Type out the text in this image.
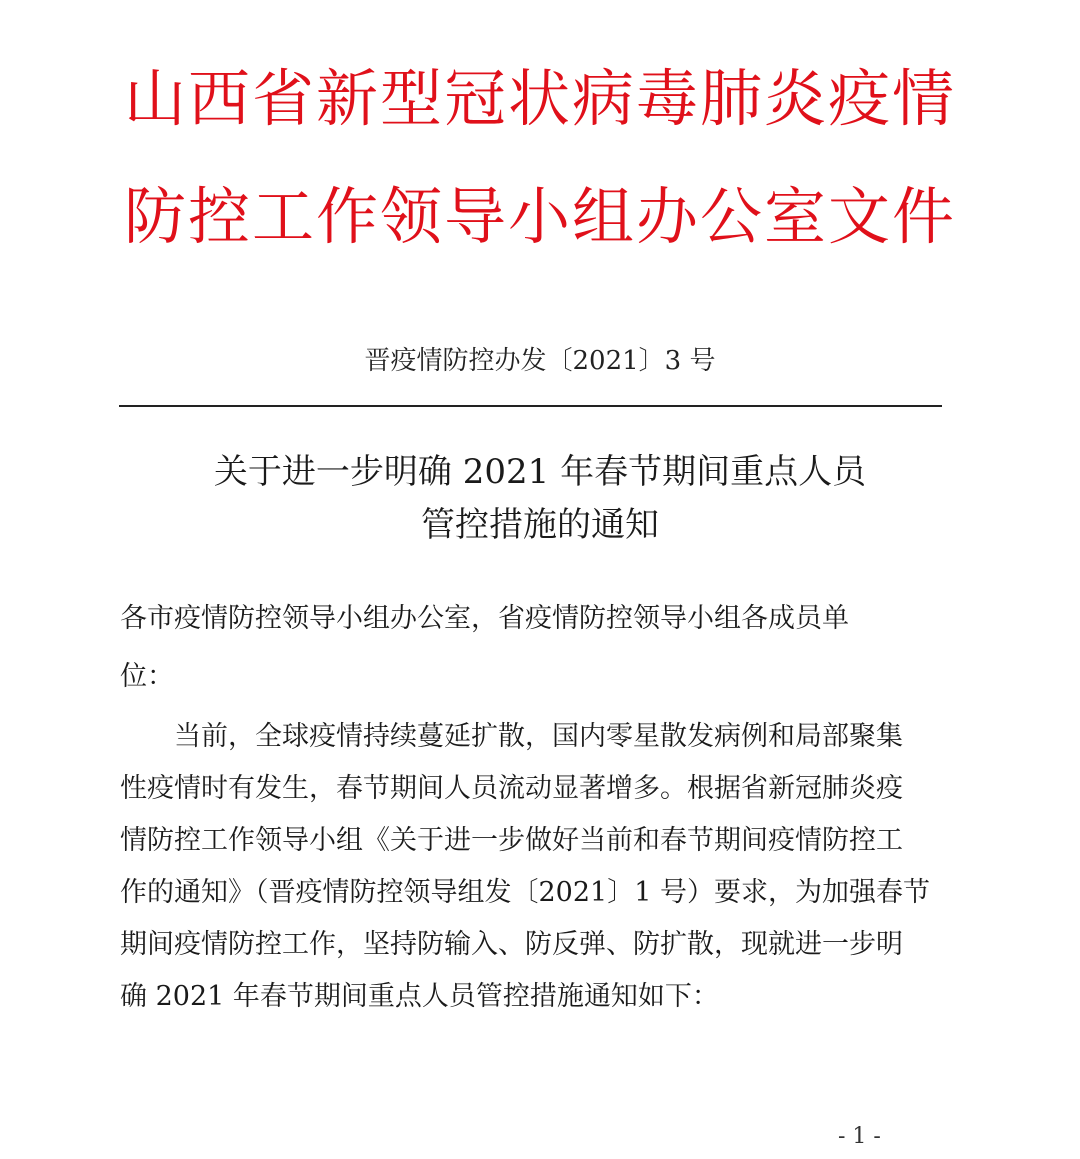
山西省新型冠状病毒肺炎疫情
防控工作领导小组办公室文件
晋疫情防控办发〔2021〕3 号
关于进一步明确 2021 年春节期间重点人员
管控措施的通知
各市疫情防控领导小组办公室，省疫情防控领导小组各成员单
位：
当前，全球疫情持续蔓延扩散，国内零星散发病例和局部聚集
性疫情时有发生，春节期间人员流动显著增多。根据省新冠肺炎疫
情防控工作领导小组《关于进一步做好当前和春节期间疫情防控工
作的通知》（晋疫情防控领导组发〔2021〕1 号）要求，为加强春节
期间疫情防控工作，坚持防输入、防反弹、防扩散，现就进一步明
确 2021 年春节期间重点人员管控措施通知如下：
- 1 -
